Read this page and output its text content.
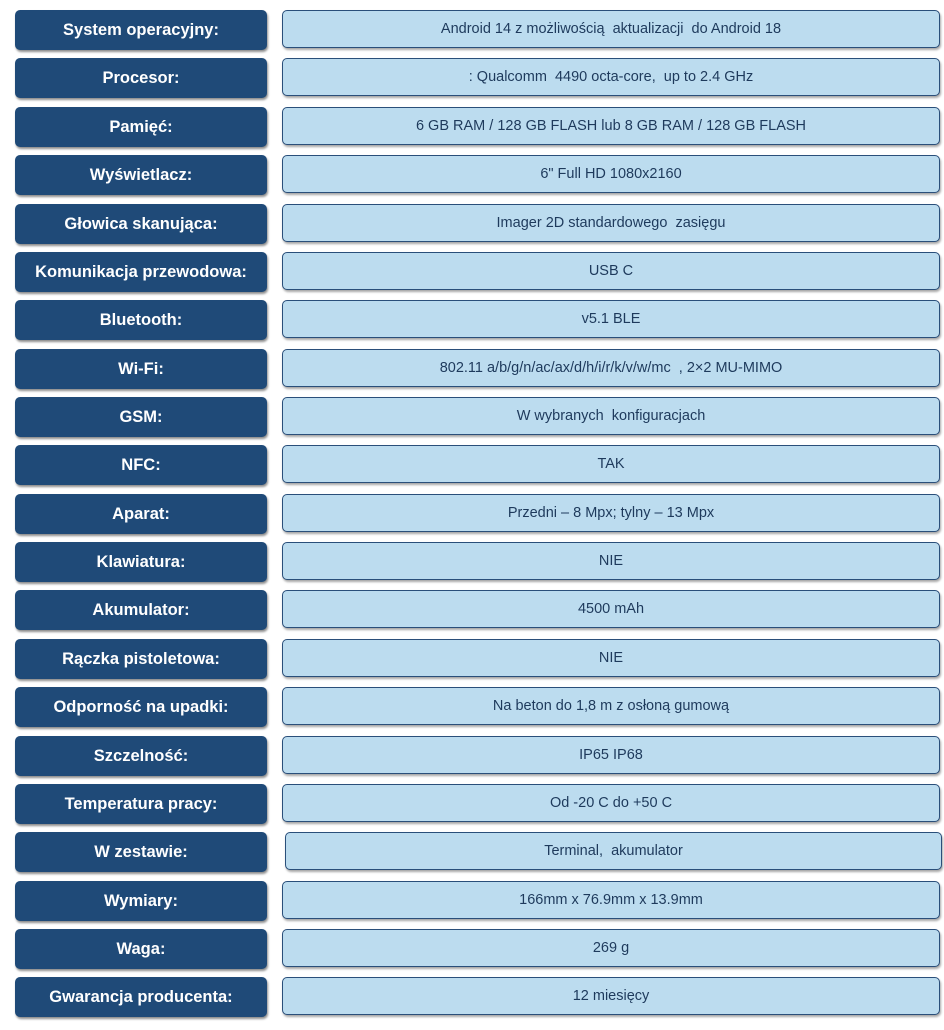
System operacyjny:	Android 14 z możliwością  aktualizacji  do Android 18
Procesor:	: Qualcomm  4490 octa-core,  up to 2.4 GHz
Pamięć:	6 GB RAM / 128 GB FLASH lub 8 GB RAM / 128 GB FLASH
Wyświetlacz:	6" Full HD 1080x2160
Głowica skanująca:	Imager 2D standardowego  zasięgu
Komunikacja przewodowa:	USB C
Bluetooth:	v5.1 BLE
Wi-Fi:	802.11 a/b/g/n/ac/ax/d/h/i/r/k/v/w/mc  , 2×2 MU-MIMO
GSM:	W wybranych  konfiguracjach
NFC:	TAK
Aparat:	Przedni – 8 Mpx; tylny – 13 Mpx
Klawiatura:	NIE
Akumulator:	4500 mAh
Rączka pistoletowa:	NIE
Odporność na upadki:	Na beton do 1,8 m z osłoną gumową
Szczelność:	IP65 IP68
Temperatura pracy:	Od -20 C do +50 C
W zestawie:	Terminal,  akumulator
Wymiary:	166mm x 76.9mm x 13.9mm
Waga:	269 g
Gwarancja producenta:	12 miesięcy
